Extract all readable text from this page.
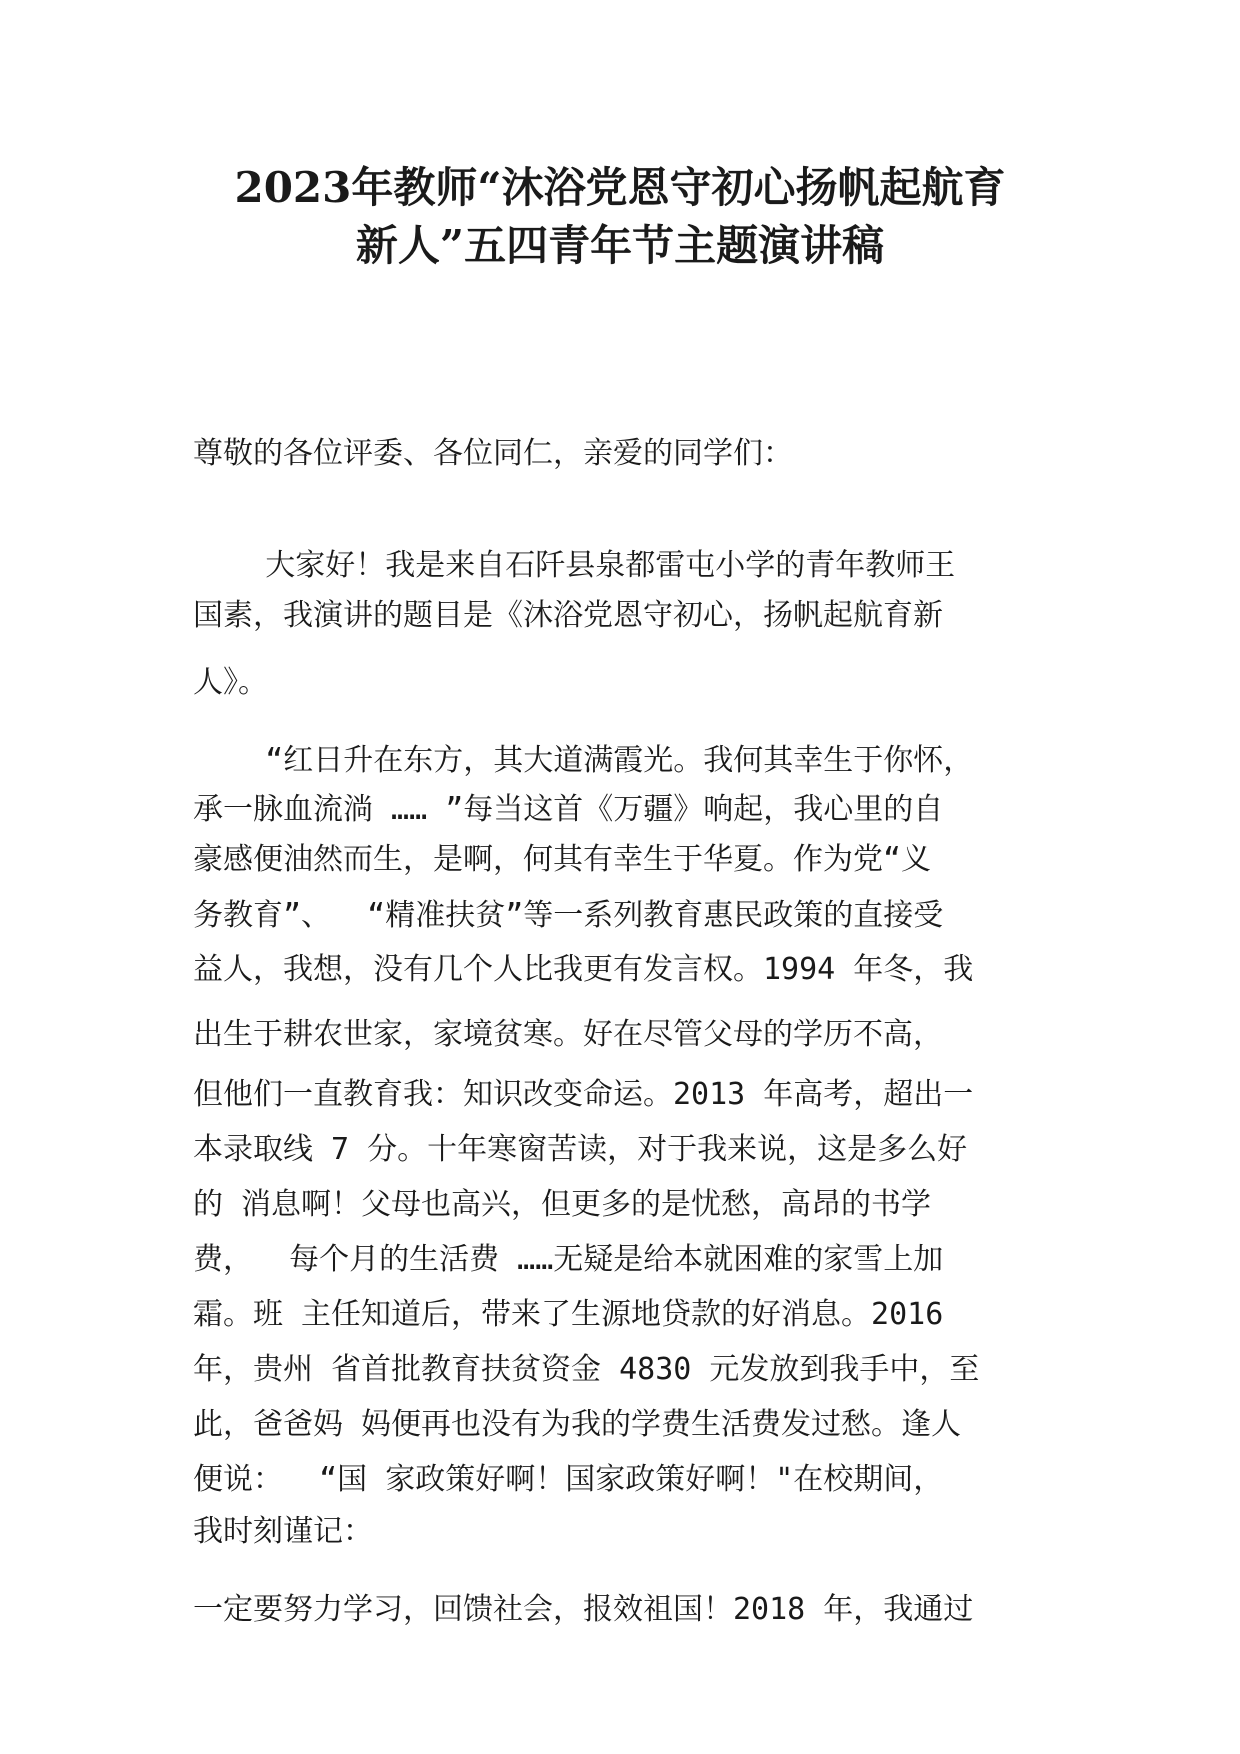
2023年教师“沐浴党恩守初心扬帆起航育
新人”五四青年节主题演讲稿
尊敬的各位评委、各位同仁，亲爱的同学们：
大家好！我是来自石阡县泉都雷屯小学的青年教师王
国素，我演讲的题目是《沐浴党恩守初心，扬帆起航育新
人》。
“红日升在东方，其大道满霞光。我何其幸生于你怀，
承一脉血流淌 …… ”每当这首《万疆》响起，我心里的自
豪感便油然而生，是啊，何其有幸生于华夏。作为党“义
务教育”、  “精准扶贫”等一系列教育惠民政策的直接受
益人，我想，没有几个人比我更有发言权。1994 年冬，我
出生于耕农世家，家境贫寒。好在尽管父母的学历不高，
但他们一直教育我：知识改变命运。2013 年高考，超出一
本录取线 7 分。十年寒窗苦读，对于我来说，这是多么好
的 消息啊！父母也高兴，但更多的是忧愁，高昂的书学
费，  每个月的生活费 ……无疑是给本就困难的家雪上加
霜。班 主任知道后，带来了生源地贷款的好消息。2016
年，贵州 省首批教育扶贫资金 4830 元发放到我手中，至
此，爸爸妈 妈便再也没有为我的学费生活费发过愁。逢人
便说：  “国 家政策好啊！国家政策好啊！"在校期间，
我时刻谨记：
一定要努力学习，回馈社会，报效祖国！2018 年，我通过
